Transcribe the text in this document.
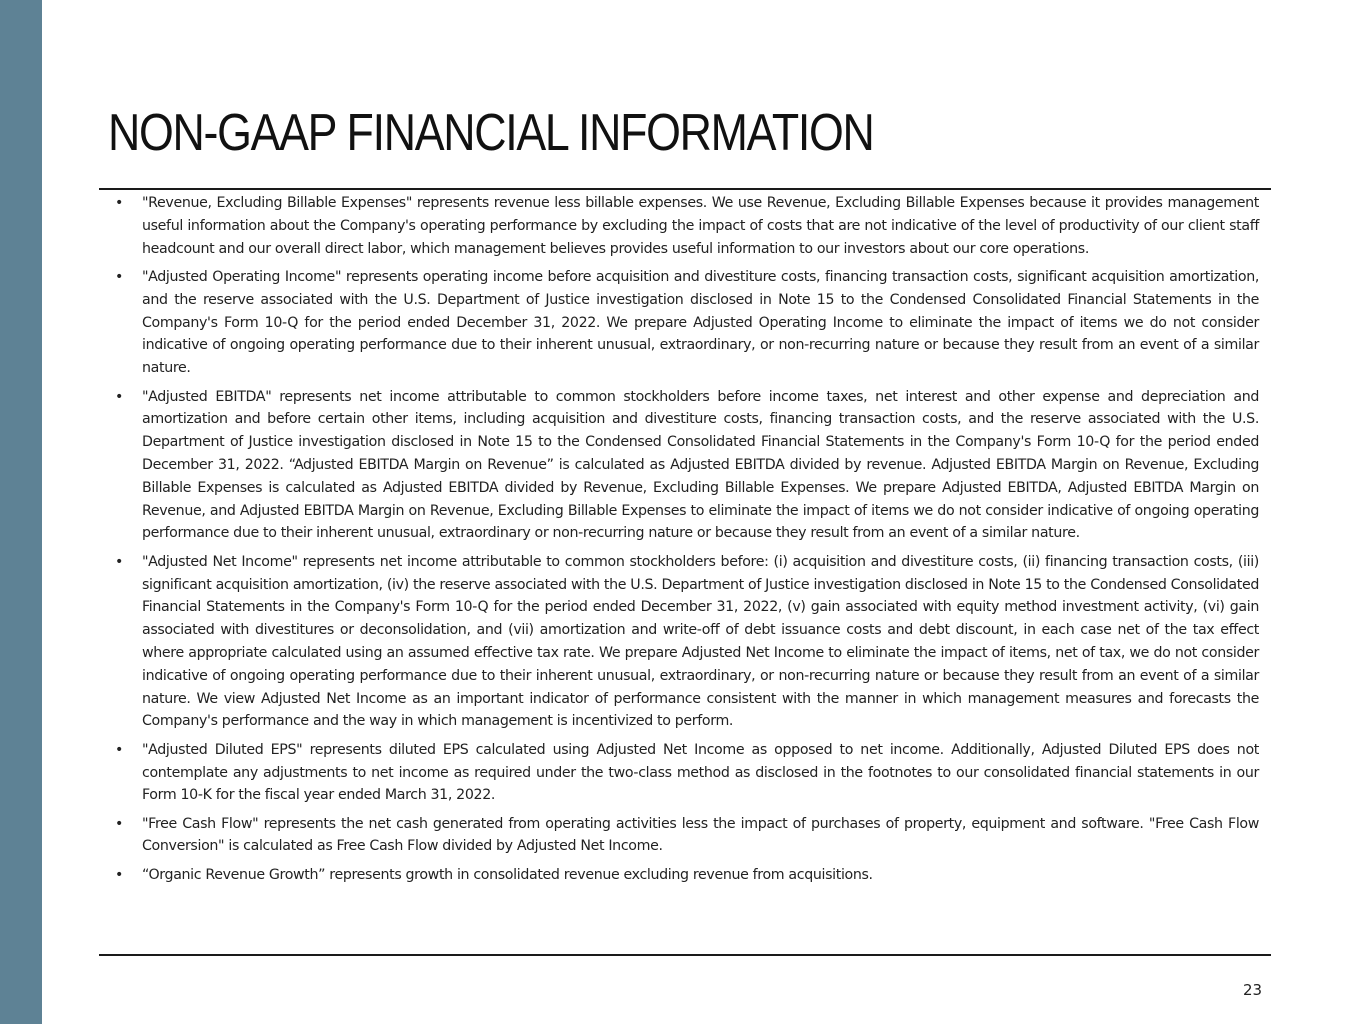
NON-GAAP FINANCIAL INFORMATION
• "Revenue, Excluding Billable Expenses" represents revenue less billable expenses. We use Revenue, Excluding Billable Expenses because it provides management useful information about the Company's operating performance by excluding the impact of costs that are not indicative of the level of productivity of our client staff headcount and our overall direct labor, which management believes provides useful information to our investors about our core operations.
• "Adjusted Operating Income" represents operating income before acquisition and divestiture costs, financing transaction costs, significant acquisition amortization, and the reserve associated with the U.S. Department of Justice investigation disclosed in Note 15 to the Condensed Consolidated Financial Statements in the Company's Form 10-Q for the period ended December 31, 2022. We prepare Adjusted Operating Income to eliminate the impact of items we do not consider indicative of ongoing operating performance due to their inherent unusual, extraordinary, or non-recurring nature or because they result from an event of a similar nature.
• "Adjusted EBITDA" represents net income attributable to common stockholders before income taxes, net interest and other expense and depreciation and amortization and before certain other items, including acquisition and divestiture costs, financing transaction costs, and the reserve associated with the U.S. Department of Justice investigation disclosed in Note 15 to the Condensed Consolidated Financial Statements in the Company's Form 10-Q for the period ended December 31, 2022. “Adjusted EBITDA Margin on Revenue” is calculated as Adjusted EBITDA divided by revenue. Adjusted EBITDA Margin on Revenue, Excluding Billable Expenses is calculated as Adjusted EBITDA divided by Revenue, Excluding Billable Expenses. We prepare Adjusted EBITDA, Adjusted EBITDA Margin on Revenue, and Adjusted EBITDA Margin on Revenue, Excluding Billable Expenses to eliminate the impact of items we do not consider indicative of ongoing operating performance due to their inherent unusual, extraordinary or non-recurring nature or because they result from an event of a similar nature.
• "Adjusted Net Income" represents net income attributable to common stockholders before: (i) acquisition and divestiture costs, (ii) financing transaction costs, (iii) significant acquisition amortization, (iv) the reserve associated with the U.S. Department of Justice investigation disclosed in Note 15 to the Condensed Consolidated Financial Statements in the Company's Form 10-Q for the period ended December 31, 2022, (v) gain associated with equity method investment activity, (vi) gain associated with divestitures or deconsolidation, and (vii) amortization and write-off of debt issuance costs and debt discount, in each case net of the tax effect where appropriate calculated using an assumed effective tax rate. We prepare Adjusted Net Income to eliminate the impact of items, net of tax, we do not consider indicative of ongoing operating performance due to their inherent unusual, extraordinary, or non-recurring nature or because they result from an event of a similar nature. We view Adjusted Net Income as an important indicator of performance consistent with the manner in which management measures and forecasts the Company's performance and the way in which management is incentivized to perform.
• "Adjusted Diluted EPS" represents diluted EPS calculated using Adjusted Net Income as opposed to net income. Additionally, Adjusted Diluted EPS does not contemplate any adjustments to net income as required under the two-class method as disclosed in the footnotes to our consolidated financial statements in our Form 10-K for the fiscal year ended March 31, 2022.
• "Free Cash Flow" represents the net cash generated from operating activities less the impact of purchases of property, equipment and software. "Free Cash Flow Conversion" is calculated as Free Cash Flow divided by Adjusted Net Income.
• “Organic Revenue Growth” represents growth in consolidated revenue excluding revenue from acquisitions.
23
